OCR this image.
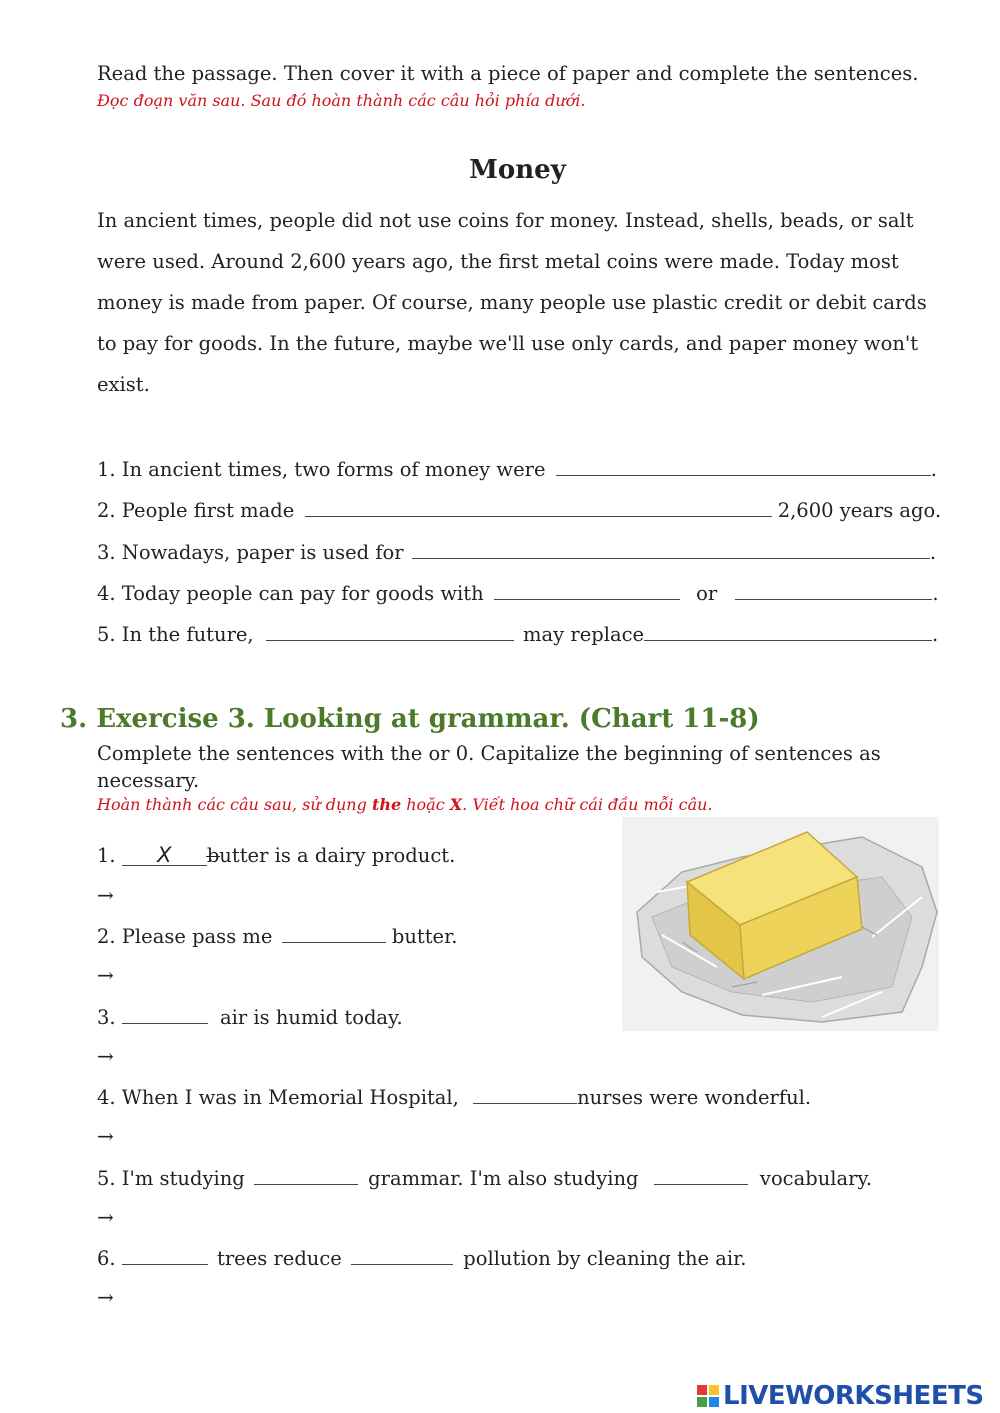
Read the passage. Then cover it with a piece of paper and complete the sentences.
Đọc đoạn văn sau. Sau đó hoàn thành các câu hỏi phía dưới.
Money
In ancient times, people did not use coins for money. Instead, shells, beads, or salt were used. Around 2,600 years ago, the first metal coins were made. Today most money is made from paper. Of course, many people use plastic credit or debit cards to pay for goods. In the future, maybe we'll use only cards, and paper money won't exist.
1. In ancient times, two forms of money were	.
2. People first made	2,600 years ago.
3. Nowadays, paper is used for	.
4. Today people can pay for goods with	or	.
5. In the future,	may replace	.
3. Exercise 3. Looking at grammar. (Chart 11-8)
Complete the sentences with the or 0. Capitalize the beginning of sentences as necessary.
Hoàn thành các câu sau, sử dụng the hoặc X. Viết hoa chữ cái đầu mỗi câu.
1. X butter is a dairy product.
→
2. Please pass me	butter.
→
3.	air is humid today.
→
4. When I was in Memorial Hospital,	nurses were wonderful.
→
5. I'm studying	grammar. I'm also studying	vocabulary.
→
6.	trees reduce	pollution by cleaning the air.
→
LIVEWORKSHEETS
